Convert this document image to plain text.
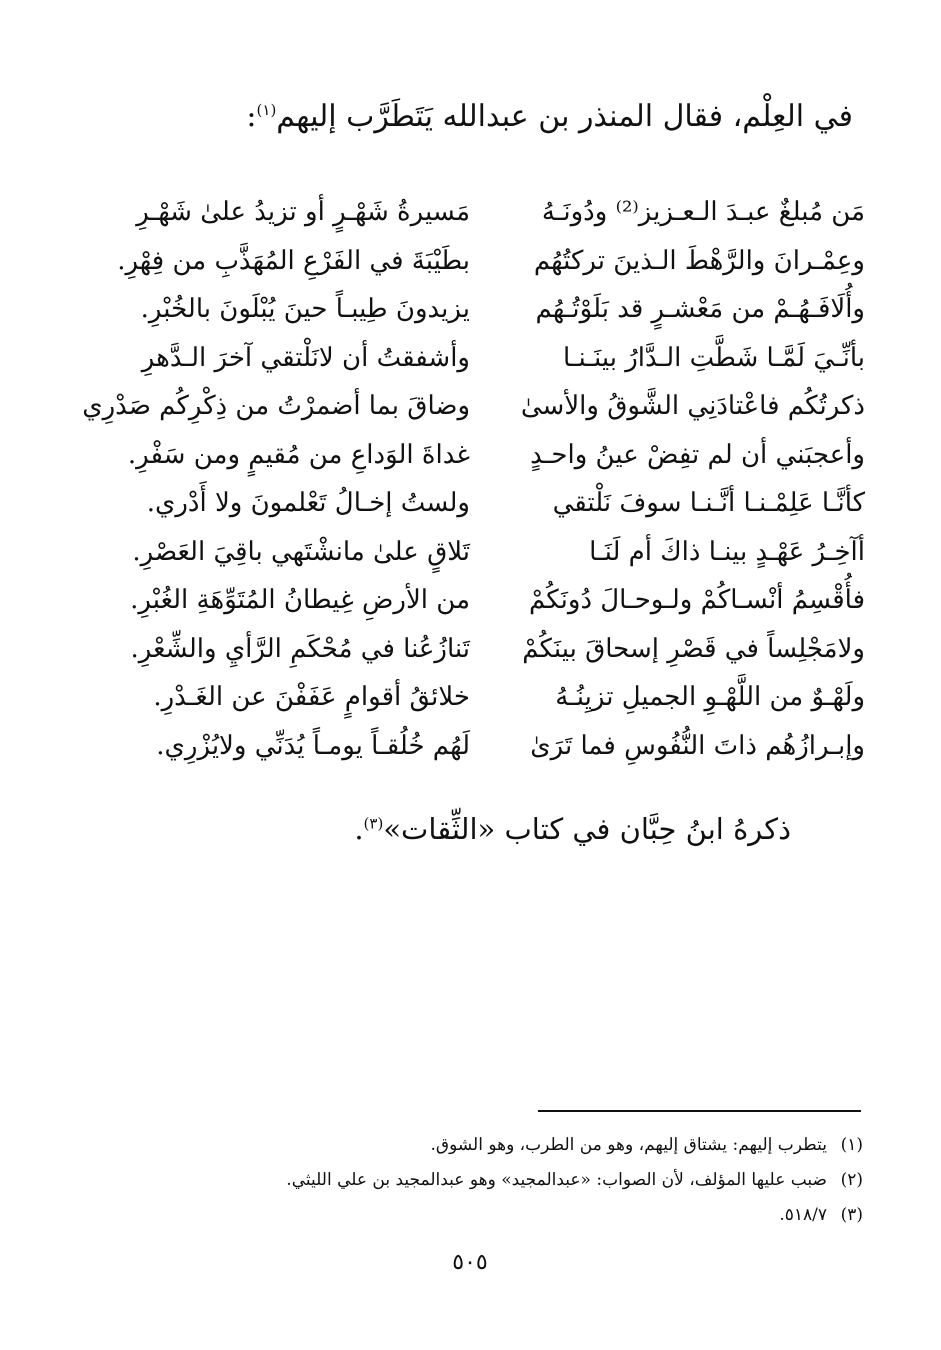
في العِلْم، فقال المنذر بن عبدالله يَتَطَرَّب إليهم$^{(١)}$:
مَن مُبلغٌ عبـدَ الـعـزيز⁽²⁾ ودُونَـهُ
مَسيرةُ شَهْـرٍ أو تزيدُ علىٰ شَهْـرِ
وعِمْـرانَ والرَّهْطَ الـذينَ تركتُهُم
بطَيْبَةَ في الفَرْعِ المُهَذَّبِ من فِهْرِ.
وأُلَافَـهُـمْ من مَعْشـرٍ قد بَلَوْتُـهُم
يزيدونَ طِيبـاً حينَ يُبْلَونَ بالخُبْرِ.
بأنِّـيَ لَمَّـا شَطَّتِ الـدَّارُ بينَـنـا
وأشفقتُ أن لانَلْتقي آخرَ الـدَّهرِ
ذكرتُكُم فاعْتادَنِي الشَّوقُ والأسىٰ
وضاقَ بما أضمرْتُ من ذِكْرِكُم صَدْرِي
وأعجبَني أن لم تفِضْ عينُ واحـدٍ
غداةَ الوَداعِ من مُقيمٍ ومن سَفْرِ.
كأنَّـا عَلِمْـنـا أنَّـنـا سوفَ نَلْتقي
ولستُ إخـالُ تَعْلمونَ ولا أَدْري.
أآخِـرُ عَهْـدٍ بينـا ذاكَ أم لَنَـا
تَلاقٍ علىٰ مانشْتَهي باقِيَ العَصْرِ.
فأُقْسِمُ أنْسـاكُمْ ولـوحـالَ دُونَكُمْ
من الأرضِ غِيطانُ المُتَوِّهَةِ الغُبْرِ.
ولامَجْلِساً في قَصْرِ إسحاقَ بينَكُمْ
تَنازُعُنا في مُحْكَمِ الرَّأيِ والشِّعْرِ.
ولَهْـوٌ من اللَّهْـوِ الجميلِ تزيِنُـهُ
خلائقُ أقوامٍ عَفَفْنَ عن الغَـدْرِ.
وإبـرازُهُم ذاتَ النُّفُوسِ فما تَرَىٰ
لَهُم خُلُقـاً يومـاً يُدَنِّي ولايُزْرِي.
ذكرهُ ابنُ حِبَّان في كتاب «الثِّقات»$^{(٣)}$.
(١)يتطرب إليهم: يشتاق إليهم، وهو من الطرب، وهو الشوق.
(٢)ضبب عليها المؤلف، لأن الصواب: «عبدالمجيد» وهو عبدالمجيد بن علي الليثي.
(٣)٥١٨/٧.
٥٠٥
